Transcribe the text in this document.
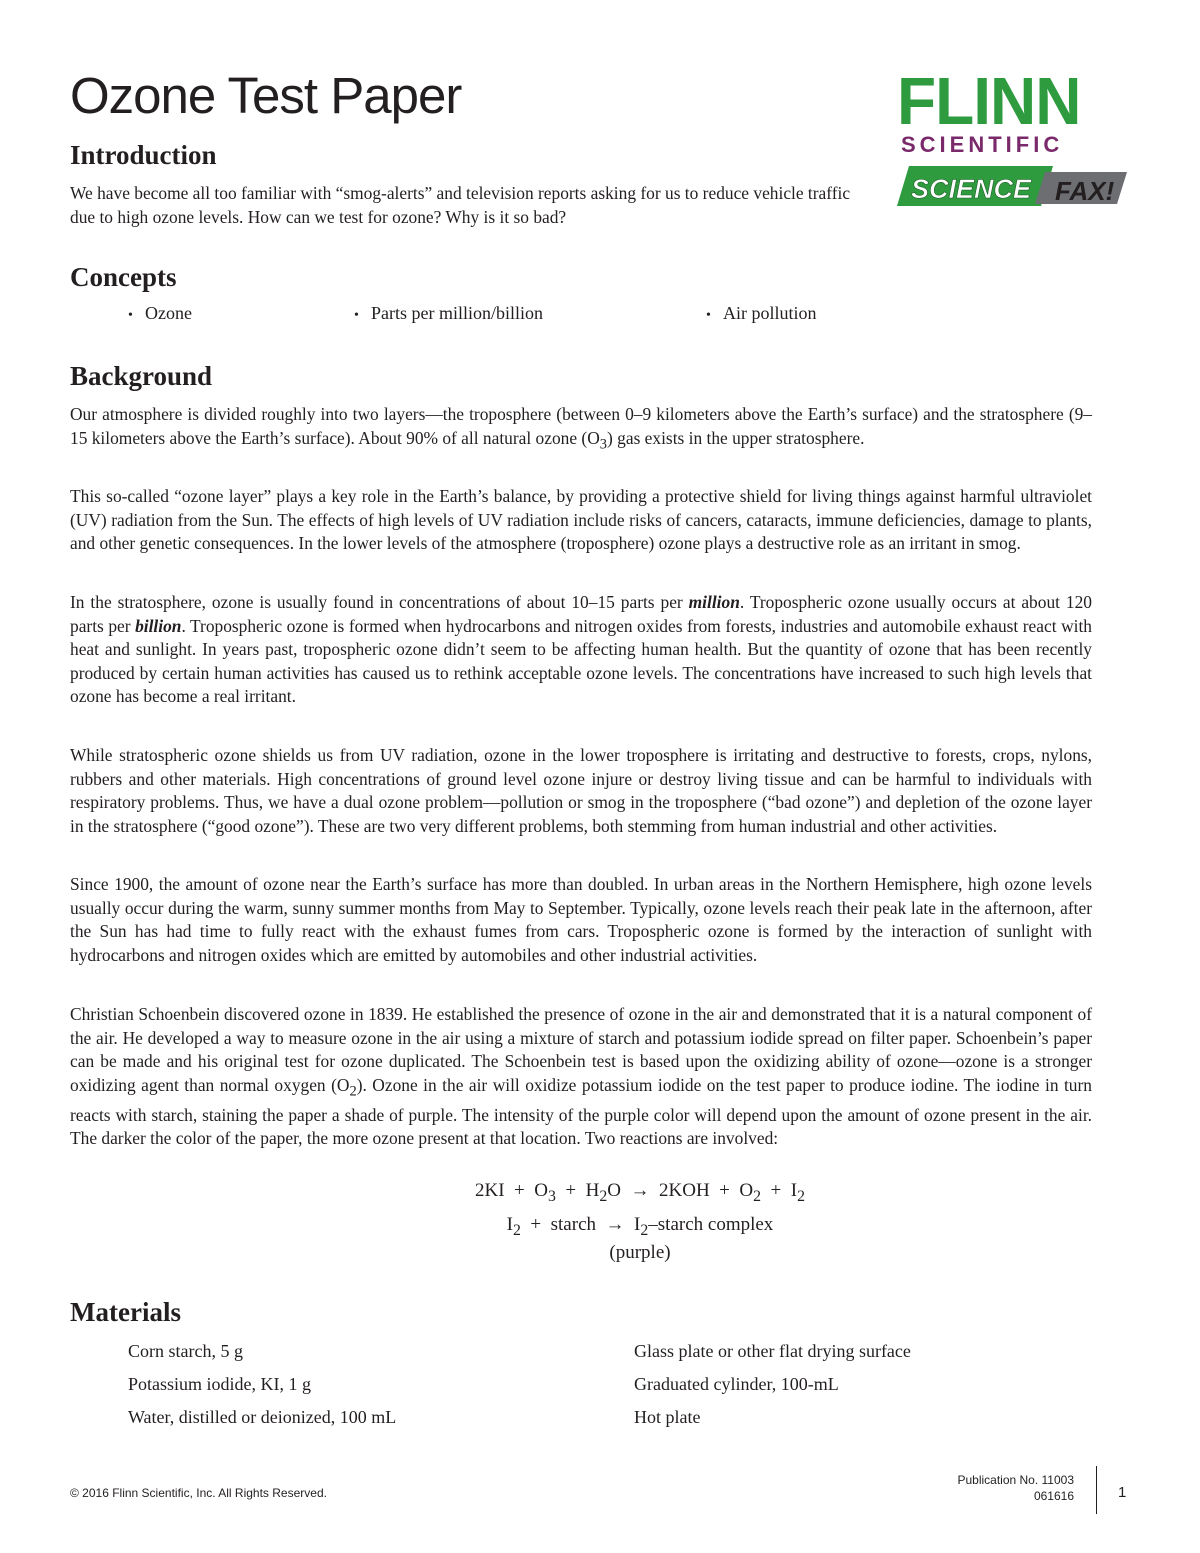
Ozone Test Paper	FLINN
SCIENTIFIC
SCIENCE FAX!
Introduction

We have become all too familiar with “smog-alerts” and television reports asking for us to reduce vehicle traffic due to high ozone levels. How can we test for ozone? Why is it so bad?

Concepts
• Ozone	• Parts per million/billion	• Air pollution
Background

Our atmosphere is divided roughly into two layers—the troposphere (between 0–9 kilometers above the Earth’s surface) and the stratosphere (9–15 kilometers above the Earth’s surface). About 90% of all natural ozone $(O_3)$ gas exists in the upper stratosphere.

This so-called “ozone layer” plays a key role in the Earth’s balance, by providing a protective shield for living things against harmful ultraviolet (UV) radiation from the Sun. The effects of high levels of UV radiation include risks of cancers, cataracts, immune deficiencies, damage to plants, and other genetic consequences. In the lower levels of the atmosphere (troposphere) ozone plays a destructive role as an irritant in smog.

In the stratosphere, ozone is usually found in concentrations of about 10–15 parts per million. Tropospheric ozone usually occurs at about 120 parts per billion. Tropospheric ozone is formed when hydrocarbons and nitrogen oxides from forests, industries and automobile exhaust react with heat and sunlight. In years past, tropospheric ozone didn’t seem to be affecting human health. But the quantity of ozone that has been recently produced by certain human activities has caused us to rethink acceptable ozone levels. The concentrations have increased to such high levels that ozone has become a real irritant.

While stratospheric ozone shields us from UV radiation, ozone in the lower troposphere is irritating and destructive to forests, crops, nylons, rubbers and other materials. High concentrations of ground level ozone injure or destroy living tissue and can be harmful to individuals with respiratory problems. Thus, we have a dual ozone problem—pollution or smog in the troposphere (“bad ozone”) and depletion of the ozone layer in the stratosphere (“good ozone”). These are two very different problems, both stemming from human industrial and other activities.

Since 1900, the amount of ozone near the Earth’s surface has more than doubled. In urban areas in the Northern Hemisphere, high ozone levels usually occur during the warm, sunny summer months from May to September. Typically, ozone levels reach their peak late in the afternoon, after the Sun has had time to fully react with the exhaust fumes from cars. Tropospheric ozone is formed by the interaction of sunlight with hydrocarbons and nitrogen oxides which are emitted by automobiles and other industrial activities.

Christian Schoenbein discovered ozone in 1839. He established the presence of ozone in the air and demonstrated that it is a natural component of the air. He developed a way to measure ozone in the air using a mixture of starch and potassium iodide spread on filter paper. Schoenbein’s paper can be made and his original test for ozone duplicated. The Schoenbein test is based upon the oxidizing ability of ozone—ozone is a stronger oxidizing agent than normal oxygen $(O_2)$. Ozone in the air will oxidize potassium iodide on the test paper to produce iodine. The iodine in turn reacts with starch, staining the paper a shade of purple. The intensity of the purple color will depend upon the amount of ozone present in the air. The darker the color of the paper, the more ozone present at that location. Two reactions are involved:

$2KI + O_3 + H_2O \to 2KOH + O_2 + I_2$
$I_2$  +  starch  →  $I_2$–starch complex
(purple)
Materials
Corn starch, 5 g
Potassium iodide, KI, 1 g
Water, distilled or deionized, 100 mL
Glass plate or other flat drying surface
Graduated cylinder, 100-mL
Hot plate
© 2016 Flinn Scientific, Inc. All Rights Reserved.
Publication No. 11003
061616	1
